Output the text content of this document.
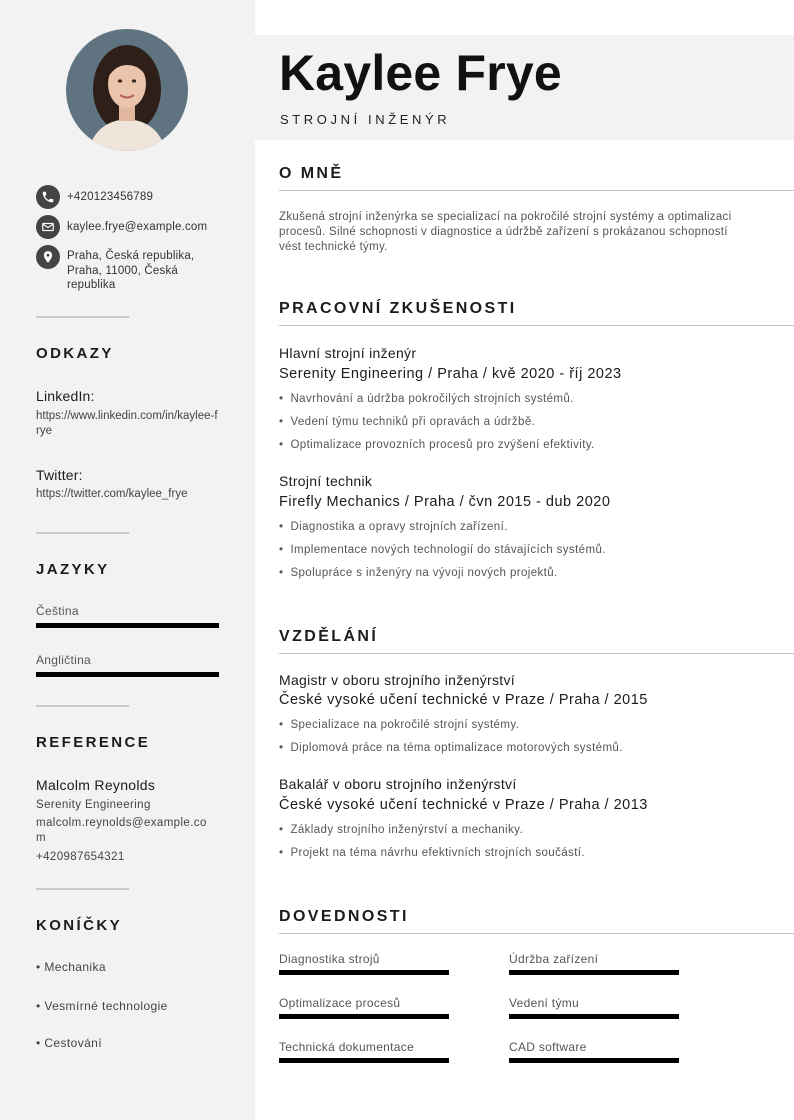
+420123456789
kaylee.frye@example.com
Praha, Česká republika, Praha, 11000, Česká republika
ODKAZY
LinkedIn:
https://www.linkedin.com/in/kaylee-frye
Twitter:
https://twitter.com/kaylee_frye
JAZYKY
Čeština
Angličtina
REFERENCE
Malcolm Reynolds
Serenity Engineering
malcolm.reynolds@example.com
+420987654321
KONÍČKY
• Mechanika
• Vesmírné technologie
• Cestování
Kaylee Frye
STROJNÍ INŽENÝR
O MNĚ
Zkušená strojní inženýrka se specializací na pokročilé strojní systémy a optimalizaci procesů. Silné schopnosti v diagnostice a údržbě zařízení s prokázanou schopností vést technické týmy.
PRACOVNÍ ZKUŠENOSTI
Hlavní strojní inženýr
Serenity Engineering / Praha / kvě 2020 - říj 2023
• Navrhování a údržba pokročilých strojních systémů.
• Vedení týmu techniků při opravách a údržbě.
• Optimalizace provozních procesů pro zvýšení efektivity.
Strojní technik
Firefly Mechanics / Praha / čvn 2015 - dub 2020
• Diagnostika a opravy strojních zařízení.
• Implementace nových technologií do stávajících systémů.
• Spolupráce s inženýry na vývoji nových projektů.
VZDĚLÁNÍ
Magistr v oboru strojního inženýrství
České vysoké učení technické v Praze / Praha / 2015
• Specializace na pokročilé strojní systémy.
• Diplomová práce na téma optimalizace motorových systémů.
Bakalář v oboru strojního inženýrství
České vysoké učení technické v Praze / Praha / 2013
• Základy strojního inženýrství a mechaniky.
• Projekt na téma návrhu efektivních strojních součástí.
DOVEDNOSTI
Diagnostika strojů	Údržba zařízení
Optimalizace procesů	Vedení týmu
Technická dokumentace	CAD software
